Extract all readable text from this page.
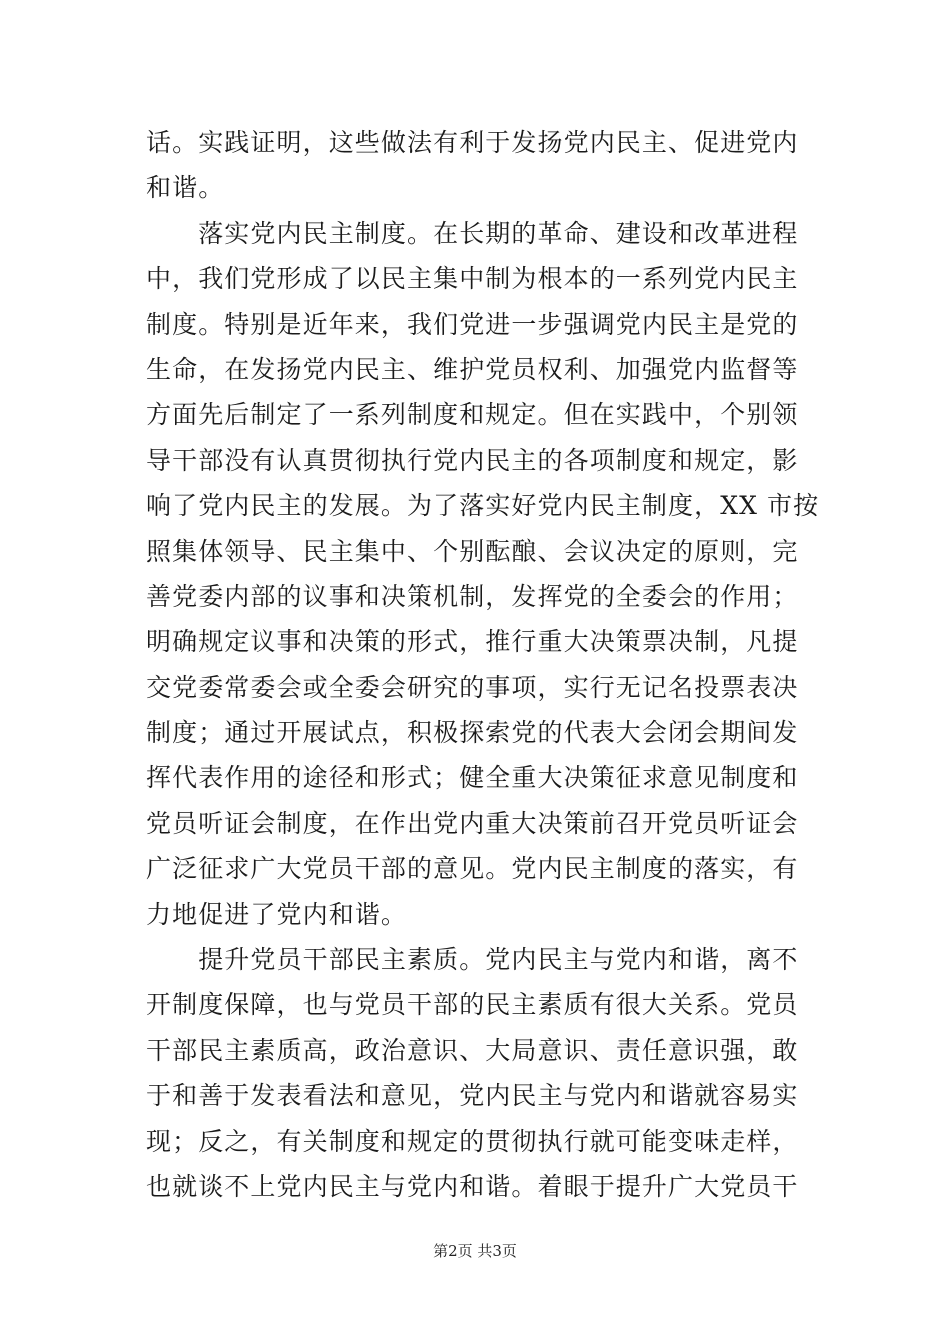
话。实践证明，这些做法有利于发扬党内民主、促进党内
和谐。
　　落实党内民主制度。在长期的革命、建设和改革进程
中，我们党形成了以民主集中制为根本的一系列党内民主
制度。特别是近年来，我们党进一步强调党内民主是党的
生命，在发扬党内民主、维护党员权利、加强党内监督等
方面先后制定了一系列制度和规定。但在实践中，个别领
导干部没有认真贯彻执行党内民主的各项制度和规定，影
响了党内民主的发展。为了落实好党内民主制度，XX 市按
照集体领导、民主集中、个别酝酿、会议决定的原则，完
善党委内部的议事和决策机制，发挥党的全委会的作用；
明确规定议事和决策的形式，推行重大决策票决制，凡提
交党委常委会或全委会研究的事项，实行无记名投票表决
制度；通过开展试点，积极探索党的代表大会闭会期间发
挥代表作用的途径和形式；健全重大决策征求意见制度和
党员听证会制度，在作出党内重大决策前召开党员听证会
广泛征求广大党员干部的意见。党内民主制度的落实，有
力地促进了党内和谐。
　　提升党员干部民主素质。党内民主与党内和谐，离不
开制度保障，也与党员干部的民主素质有很大关系。党员
干部民主素质高，政治意识、大局意识、责任意识强，敢
于和善于发表看法和意见，党内民主与党内和谐就容易实
现；反之，有关制度和规定的贯彻执行就可能变味走样，
也就谈不上党内民主与党内和谐。着眼于提升广大党员干
第2页 共3页
